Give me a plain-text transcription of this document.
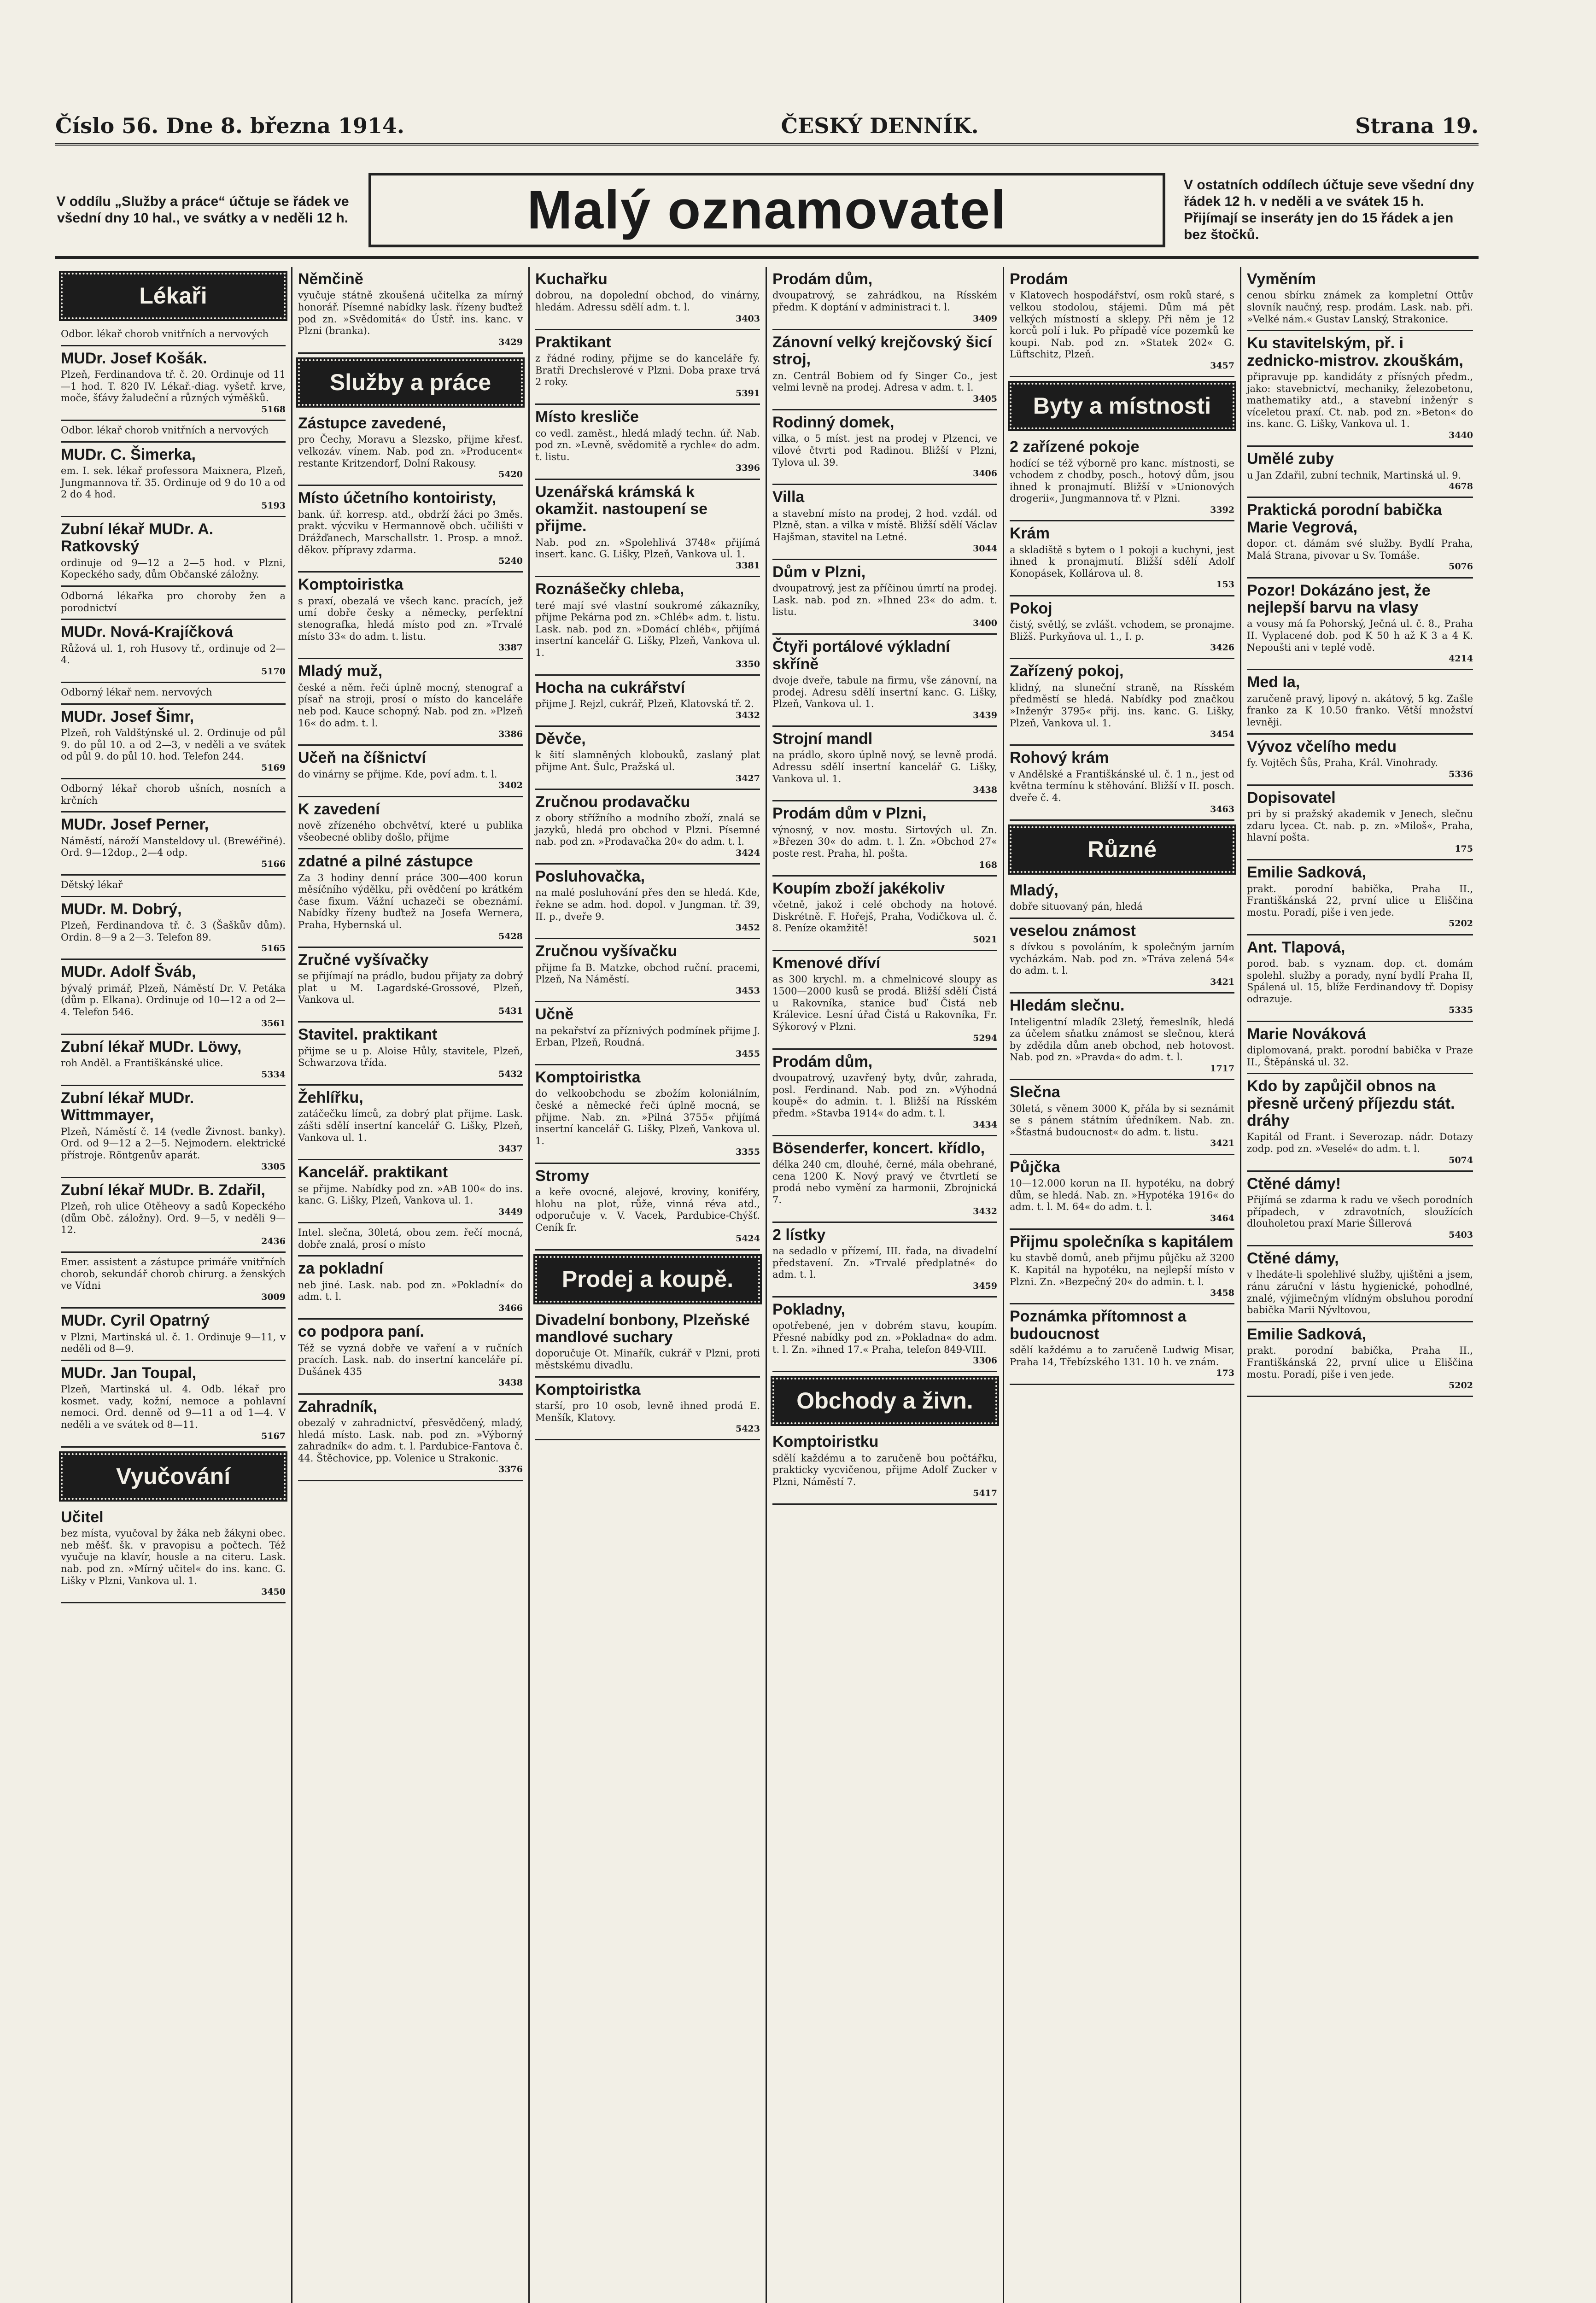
Číslo 56. Dne 8. března 1914.	ČESKÝ DENNÍK.	Strana 19.
V oddílu „Služby a práce“ účtuje se řádek ve všední dny 10 hal., ve svátky a v neděli 12 h.	Malý oznamovatel	V ostatních oddílech účtuje seve všední dny řádek 12 h. v neděli a ve svátek 15 h. Přijímají se inseráty jen do 15 řádek a jen bez štočků.
Lékaři
Odbor. lékař chorob vnitřních a nervových
MUDr. Josef Košák.
Plzeň, Ferdinandova tř. č. 20. Ordinuje od 11—1 hod. T. 820 IV. Lékař.-diag. vyšetř. krve, moče, šťávy žaludeční a různých výměšků.
5168
Odbor. lékař chorob vnitřních a nervových
MUDr. C. Šimerka,
em. I. sek. lékař professora Maixnera, Plzeň, Jungmannova tř. 35. Ordinuje od 9 do 10 a od 2 do 4 hod.
5193
Zubní lékař MUDr. A. Ratkovský
ordinuje od 9—12 a 2—5 hod. v Plzni, Kopeckého sady, dům Občanské záložny.
Odborná lékařka pro choroby žen a porodnictví
MUDr. Nová-Krajíčková
Růžová ul. 1, roh Husovy tř., ordinuje od 2—4.
5170
Odborný lékař nem. nervových
MUDr. Josef Šimr,
Plzeň, roh Valdštýnské ul. 2. Ordinuje od půl 9. do půl 10. a od 2—3, v neděli a ve svátek od půl 9. do půl 10. hod. Telefon 244.
5169
Odborný lékař chorob ušních, nosních a krčních
MUDr. Josef Perner,
Náměstí, nároží Mansteldovy ul. (Brewéřiné). Ord. 9—12dop., 2—4 odp.
5166
Dětský lékař
MUDr. M. Dobrý,
Plzeň, Ferdinandova tř. č. 3 (Šaškův dům). Ordin. 8—9 a 2—3. Telefon 89.
5165
MUDr. Adolf Šváb,
bývalý primář, Plzeň, Náměstí Dr. V. Petáka (dům p. Elkana). Ordinuje od 10—12 a od 2—4. Telefon 546.
3561
Zubní lékař MUDr. Löwy,
roh Anděl. a Františkánské ulice.
5334
Zubní lékař MUDr. Wittmmayer,
Plzeň, Náměstí č. 14 (vedle Živnost. banky). Ord. od 9—12 a 2—5. Nejmodern. elektrické přístroje. Röntgenův aparát.
3305
Zubní lékař MUDr. B. Zdařil,
Plzeň, roh ulice Otěheovy a sadů Kopeckého (dům Obč. záložny). Ord. 9—5, v neděli 9—12.
2436
Emer. assistent a zástupce primáře vnitřních chorob, sekundář chorob chirurg. a ženských ve Vídni
3009
MUDr. Cyril Opatrný
v Plzni, Martinská ul. č. 1. Ordinuje 9—11, v neděli od 8—9.
MUDr. Jan Toupal,
Plzeň, Martinská ul. 4. Odb. lékař pro kosmet. vady, kožní, nemoce a pohlavní nemoci. Ord. denně od 9—11 a od 1—4. V neděli a ve svátek od 8—11.
5167
Vyučování
Učitel
bez místa, vyučoval by žáka neb žákyni obec. neb měšť. šk. v pravopisu a počtech. Též vyučuje na klavír, housle a na citeru. Lask. nab. pod zn. »Mírný učitel« do ins. kanc. G. Lišky v Plzni, Vankova ul. 1.
3450
Němčině
vyučuje státně zkoušená učitelka za mírný honorář. Písemné nabídky lask. řízeny buďtež pod zn. »Svědomitá« do Ústř. ins. kanc. v Plzni (branka).
3429
Služby a práce
Zástupce zavedené,
pro Čechy, Moravu a Slezsko, přijme křesť. velkozáv. vínem. Nab. pod zn. »Producent« restante Kritzendorf, Dolní Rakousy.
5420
Místo účetního kontoiristy,
bank. úř. korresp. atd., obdrží žáci po 3měs. prakt. výcviku v Hermannově obch. učilišti v Drážďanech, Marschallstr. 1. Prosp. a množ. děkov. přípravy zdarma.
5240
Komptoiristka
s praxí, obezalá ve všech kanc. pracích, jež umí dobře česky a německy, perfektní stenografka, hledá místo pod zn. »Trvalé místo 33« do adm. t. listu.
3387
Mladý muž,
české a něm. řeči úplně mocný, stenograf a písař na stroji, prosí o místo do kanceláře neb pod. Kauce schopný. Nab. pod zn. »Plzeň 16« do adm. t. l.
3386
Učeň na číšnictví
do vinárny se přijme. Kde, poví adm. t. l.
3402
K zavedení
nově zřízeného obchvětví, které u publika všeobecné obliby došlo, přijme
zdatné a pilné zástupce
Za 3 hodiny denní práce 300—400 korun měsíčního výdělku, při ovědčení po krátkém čase fixum. Vážní uchazeči se obeznámí. Nabídky řízeny buďtež na Josefa Wernera, Praha, Hybernská ul.
5428
Zručné vyšívačky
se přijímají na prádlo, budou přijaty za dobrý plat u M. Lagardské-Grossové, Plzeň, Vankova ul.
5431
Stavitel. praktikant
přijme se u p. Aloise Hůly, stavitele, Plzeň, Schwarzova třída.
5432
Žehlířku,
zatáčečku límců, za dobrý plat přijme. Lask. zášti sdělí insertní kancelář G. Lišky, Plzeň, Vankova ul. 1.
3437
Kancelář. praktikant
se přijme. Nabídky pod zn. »AB 100« do ins. kanc. G. Lišky, Plzeň, Vankova ul. 1.
3449
Intel. slečna, 30letá, obou zem. řečí mocná, dobře znalá, prosí o místo
za pokladní
neb jiné. Lask. nab. pod zn. »Pokladní« do adm. t. l.
3466
co podpora paní.
Též se vyzná dobře ve vaření a v ručních pracích. Lask. nab. do insertní kanceláře pí. Dušánek 435
3438
Zahradník,
obezalý v zahradnictví, přesvědčený, mladý, hledá místo. Lask. nab. pod zn. »Výborný zahradník« do adm. t. l. Pardubice-Fantova č. 44. Štěchovice, pp. Volenice u Strakonic.
3376
Kuchařku
dobrou, na dopolední obchod, do vinárny, hledám. Adressu sdělí adm. t. l.
3403
Praktikant
z řádné rodiny, přijme se do kanceláře fy. Bratři Drechslerové v Plzni. Doba praxe trvá 2 roky.
5391
Místo kresliče
co vedl. zaměst., hledá mladý techn. úř. Nab. pod zn. »Levně, svědomitě a rychle« do adm. t. listu.
3396
Uzenářská krámská k okamžit. nastoupení se přijme.
Nab. pod zn. »Spolehlivá 3748« přijímá insert. kanc. G. Lišky, Plzeň, Vankova ul. 1.
3381
Roznášečky chleba,
teré mají své vlastní soukromé zákazníky, přijme Pekárna pod zn. »Chléb« adm. t. listu. Lask. nab. pod zn. »Domácí chléb«, přijímá insertní kancelář G. Lišky, Plzeň, Vankova ul. 1.
3350
Hocha na cukrářství
přijme J. Rejzl, cukrář, Plzeň, Klatovská tř. 2.
3432
Děvče,
k šití slamněných klobouků, zaslaný plat přijme Ant. Šulc, Pražská ul.
3427
Zručnou prodavačku
z obory střížního a modního zboží, znalá se jazyků, hledá pro obchod v Plzni. Písemné nab. pod zn. »Prodavačka 20« do adm. t. l.
3424
Posluhovačka,
na malé posluhování přes den se hledá. Kde, řekne se adm. hod. dopol. v Jungman. tř. 39, II. p., dveře 9.
3452
Zručnou vyšívačku
přijme fa B. Matzke, obchod ruční. pracemi, Plzeň, Na Náměstí.
3453
Učně
na pekařství za příznivých podmínek přijme J. Erban, Plzeň, Roudná.
3455
Komptoiristka
do velkoobchodu se zbožím koloniálním, české a německé řeči úplně mocná, se přijme. Nab. zn. »Pilná 3755« přijímá insertní kancelář G. Lišky, Plzeň, Vankova ul. 1.
3355
Stromy
a keře ovocné, alejové, kroviny, koniféry, hlohu na plot, růže, vinná réva atd., odporučuje v. V. Vacek, Pardubice-Chýšť. Ceník fr.
5424
Prodej a koupě.
Divadelní bonbony, Plzeňské mandlové suchary
doporučuje Ot. Minařík, cukrář v Plzni, proti městskému divadlu.
Komptoiristka
starší, pro 10 osob, levně ihned prodá E. Menšík, Klatovy.
5423
Prodám dům,
dvoupatrový, se zahrádkou, na Rísském předm. K doptání v administraci t. l.
3409
Zánovní velký krejčovský šicí stroj,
zn. Centrál Bobiem od fy Singer Co., jest velmi levně na prodej. Adresa v adm. t. l.
3405
Rodinný domek,
vilka, o 5 míst. jest na prodej v Plzenci, ve vilové čtvrti pod Radinou. Bližší v Plzni, Tylova ul. 39.
3406
Villa
a stavební místo na prodej, 2 hod. vzdál. od Plzně, stan. a vilka v místě. Bližší sdělí Václav Hajšman, stavitel na Letné.
3044
Dům v Plzni,
dvoupatrový, jest za příčinou úmrtí na prodej. Lask. nab. pod zn. »Ihned 23« do adm. t. listu.
3400
Čtyři portálové výkladní skříně
dvoje dveře, tabule na firmu, vše zánovní, na prodej. Adresu sdělí insertní kanc. G. Lišky, Plzeň, Vankova ul. 1.
3439
Strojní mandl
na prádlo, skoro úplně nový, se levně prodá. Adressu sdělí insertní kancelář G. Lišky, Vankova ul. 1.
3438
Prodám dům v Plzni,
výnosný, v nov. mostu. Sirtových ul. Zn. »Březen 30« do adm. t. l. Zn. »Obchod 27« poste rest. Praha, hl. pošta.
168
Koupím zboží jakékoliv
včetně, jakož i celé obchody na hotové. Diskrétně. F. Hořejš, Praha, Vodičkova ul. č. 8. Peníze okamžitě!
5021
Kmenové dříví
as 300 krychl. m. a chmelnicové sloupy as 1500—2000 kusů se prodá. Bližší sdělí Čistá u Rakovníka, stanice buď Čistá neb Králevice. Lesní úřad Čistá u Rakovníka, Fr. Sýkorový v Plzni.
5294
Prodám dům,
dvoupatrový, uzavřený byty, dvůr, zahrada, posl. Ferdinand. Nab. pod zn. »Výhodná koupě« do admin. t. l. Bližší na Rísském předm. »Stavba 1914« do adm. t. l.
3434
Bösenderfer, koncert. křídlo,
délka 240 cm, dlouhé, černé, mála obehrané, cena 1200 K. Nový pravý ve čtvrtletí se prodá nebo vymění za harmonii, Zbrojnická 7.
3432
2 lístky
na sedadlo v přízemí, III. řada, na divadelní představení. Zn. »Trvalé předplatné« do adm. t. l.
3459
Pokladny,
opotřebené, jen v dobrém stavu, koupím. Přesné nabídky pod zn. »Pokladna« do adm. t. l. Zn. »ihned 17.« Praha, telefon 849-VIII.
3306
Obchody a živn.
Komptoiristku
sdělí každému a to zaručeně bou počtářku, prakticky vycvičenou, přijme Adolf Zucker v Plzni, Náměstí 7.
5417
Prodám
v Klatovech hospodářství, osm roků staré, s velkou stodolou, stájemi. Dům má pět velkých místností a sklepy. Při něm je 12 korců polí i luk. Po případě více pozemků ke koupi. Nab. pod zn. »Statek 202« G. Lüftschitz, Plzeň.
3457
Byty a místnosti
2 zařízené pokoje
hodící se též výborně pro kanc. místnosti, se vchodem z chodby, posch., hotový dům, jsou ihned k pronajmutí. Bližší v »Unionových drogerii«, Jungmannova tř. v Plzni.
3392
Krám
a skladiště s bytem o 1 pokoji a kuchyni, jest ihned k pronajmutí. Bližší sdělí Adolf Konopásek, Kollárova ul. 8.
153
Pokoj
čistý, světlý, se zvlášt. vchodem, se pronajme. Bližš. Purkyňova ul. 1., I. p.
3426
Zařízený pokoj,
klidný, na sluneční straně, na Rísském předměstí se hledá. Nabídky pod značkou »Inženýr 3795« přij. ins. kanc. G. Lišky, Plzeň, Vankova ul. 1.
3454
Rohový krám
v Andělské a Františkánské ul. č. 1 n., jest od května termínu k stěhování. Bližší v II. posch. dveře č. 4.
3463
Různé
Mladý,
dobře situovaný pán, hledá
veselou známost
s dívkou s povoláním, k společným jarním vycházkám. Nab. pod zn. »Tráva zelená 54« do adm. t. l.
3421
Hledám slečnu.
Inteligentní mladík 23letý, řemeslník, hledá za účelem sňatku známost se slečnou, která by zdědila dům aneb obchod, neb hotovost. Nab. pod zn. »Pravda« do adm. t. l.
1717
Slečna
30letá, s věnem 3000 K, přála by si seznámit se s pánem státním úředníkem. Nab. zn. »Šťastná budoucnost« do adm. t. listu.
3421
Půjčka
10—12.000 korun na II. hypotéku, na dobrý dům, se hledá. Nab. zn. »Hypotéka 1916« do adm. t. l. M. 64« do adm. t. l.
3464
Přijmu společníka s kapitálem
ku stavbě domů, aneb přijmu půjčku až 3200 K. Kapitál na hypotéku, na nejlepší místo v Plzni. Zn. »Bezpečný 20« do admin. t. l.
3458
Poznámka přítomnost a budoucnost
sdělí každému a to zaručeně Ludwig Misar, Praha 14, Třebízského 131. 10 h. ve znám.
173
Vyměním
cenou sbírku známek za kompletní Ottův slovník naučný, resp. prodám. Lask. nab. při. »Velké nám.« Gustav Lanský, Strakonice.
Ku stavitelským, př. i zednicko-mistrov. zkouškám,
připravuje pp. kandidáty z přísných předm., jako: stavebnictví, mechaniky, železobetonu, mathematiky atd., a stavební inženýr s víceletou praxí. Ct. nab. pod zn. »Beton« do ins. kanc. G. Lišky, Vankova ul. 1.
3440
Umělé zuby
u Jan Zdařil, zubní technik, Martinská ul. 9.
4678
Praktická porodní babička Marie Vegrová,
dopor. ct. dámám své služby. Bydlí Praha, Malá Strana, pivovar u Sv. Tomáše.
5076
Pozor! Dokázáno jest, že nejlepší barvu na vlasy
a vousy má fa Pohorský, Ječná ul. č. 8., Praha II. Vyplacené dob. pod K 50 h až K 3 a 4 K. Nepoušti ani v teplé vodě.
4214
Med Ia,
zaručeně pravý, lipový n. akátový, 5 kg. Zašle franko za K 10.50 franko. Větší množství levněji.
Vývoz včelího medu
fy. Vojtěch Šůs, Praha, Král. Vinohrady.
5336
Dopisovatel
pri by si pražský akademik v Jenech, slečnu zdaru lycea. Ct. nab. p. zn. »Miloš«, Praha, hlavní pošta.
175
Emilie Sadková,
prakt. porodní babička, Praha II., Františkánská 22, první ulice u Eliščina mostu. Poradí, piše i ven jede.
5202
Ant. Tlapová,
porod. bab. s vyznam. dop. ct. domám spolehl. služby a porady, nyní bydlí Praha II, Spálená ul. 15, blíže Ferdinandovy tř. Dopisy odrazuje.
5335
Marie Nováková
diplomovaná, prakt. porodní babička v Praze II., Štěpánská ul. 32.
Kdo by zapůjčil obnos na přesně určený příjezdu stát. dráhy
Kapitál od Frant. i Severozap. nádr. Dotazy zodp. pod zn. »Veselé« do adm. t. l.
5074
Ctěné dámy!
Přijímá se zdarma k radu ve všech porodních případech, v zdravotních, sloužících dlouholetou praxí Marie Šillerová
5403
Ctěné dámy,
v lhedáte-li spolehlivé služby, ujištěni a jsem, ránu záruční v lástu hygienické, pohodlné, znalé, výjimečným vlídným obsluhou porodní babička Marii Nývltovou,
Emilie Sadková,
prakt. porodní babička, Praha II., Františkánská 22, první ulice u Eliščina mostu. Poradí, piše i ven jede.
5202
